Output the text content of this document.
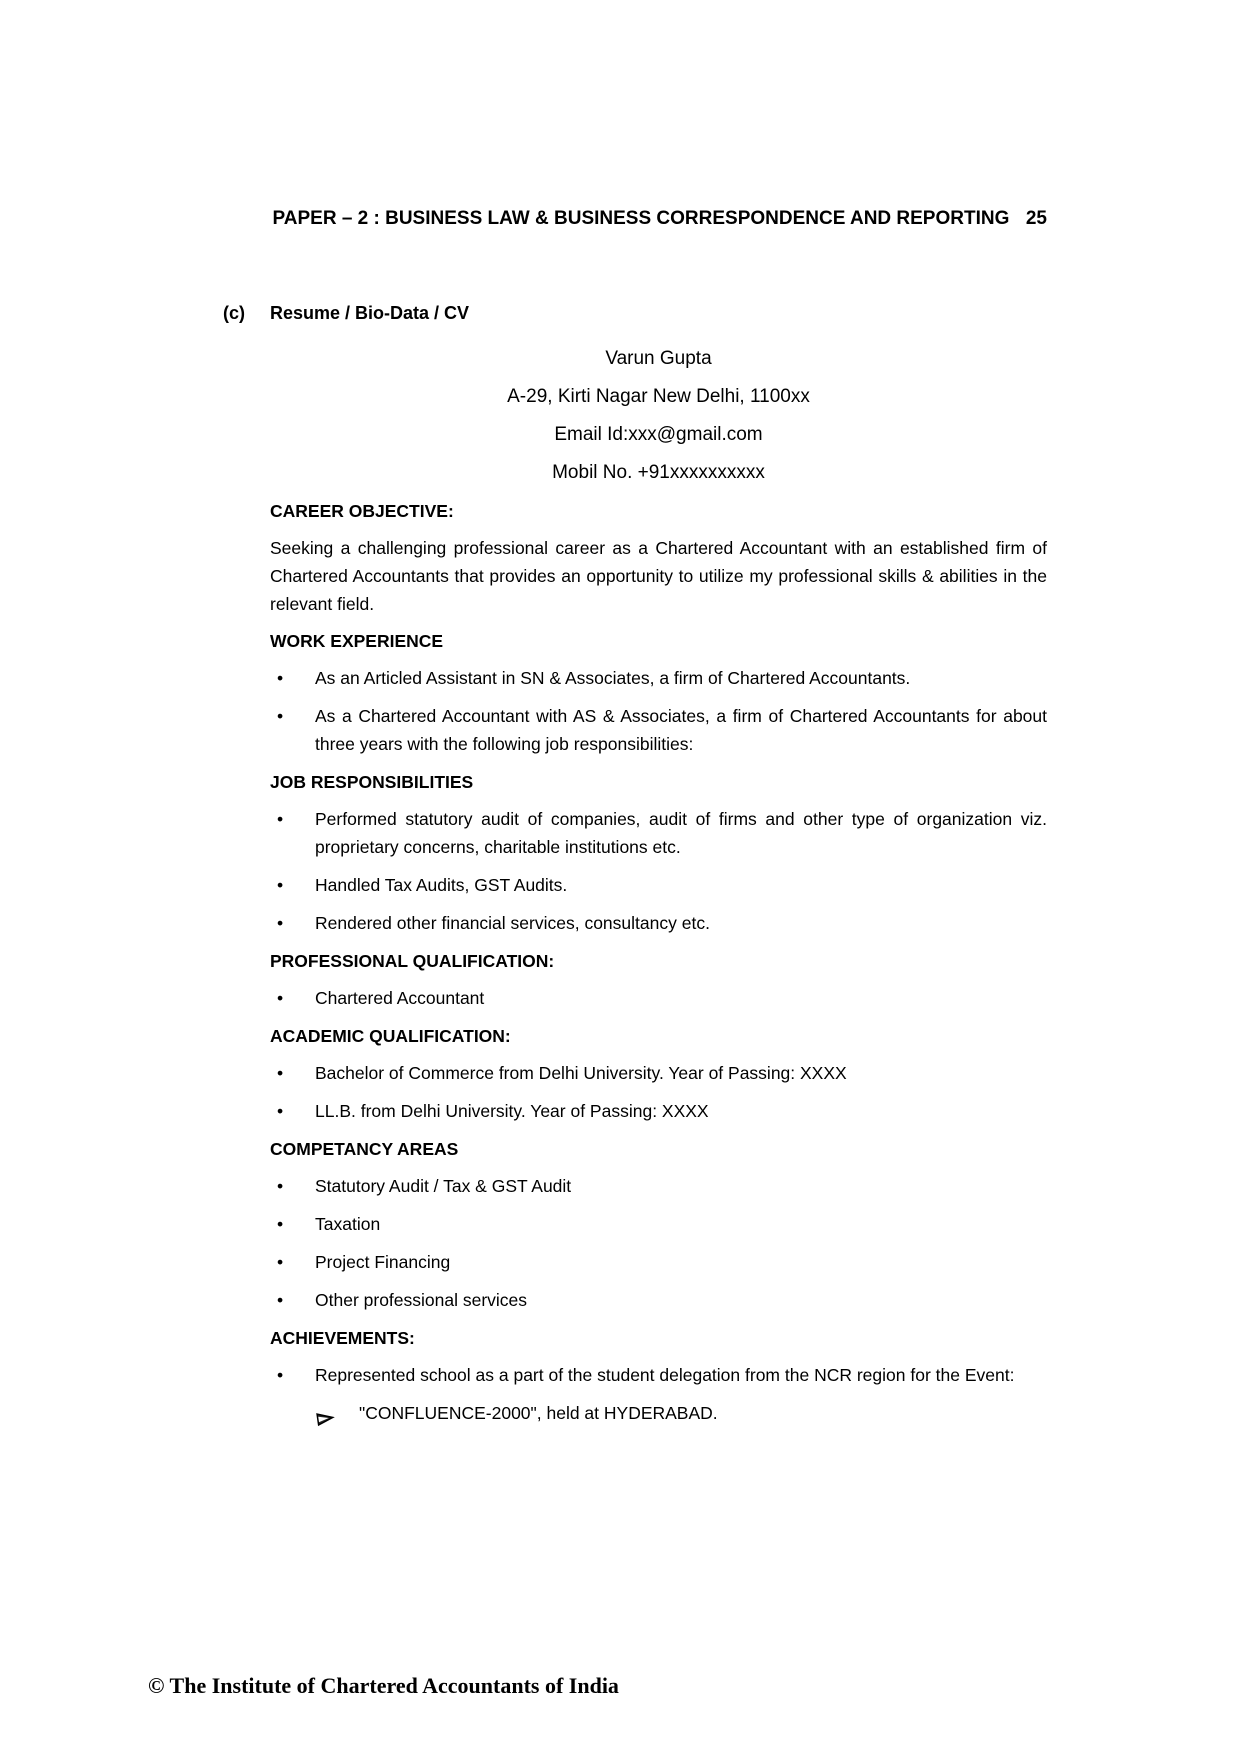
PAPER – 2 : BUSINESS LAW & BUSINESS CORRESPONDENCE AND REPORTING 25
(c) Resume / Bio-Data / CV
Varun Gupta
A-29, Kirti Nagar New Delhi, 1100xx
Email Id:xxx@gmail.com
Mobil No. +91xxxxxxxxxx
CAREER OBJECTIVE:

Seeking a challenging professional career as a Chartered Accountant with an established firm of Chartered Accountants that provides an opportunity to utilize my professional skills & abilities in the relevant field.

WORK EXPERIENCE
• As an Articled Assistant in SN & Associates, a firm of Chartered Accountants.
• As a Chartered Accountant with AS & Associates, a firm of Chartered Accountants for about three years with the following job responsibilities:
JOB RESPONSIBILITIES
• Performed statutory audit of companies, audit of firms and other type of organization viz. proprietary concerns, charitable institutions etc.
• Handled Tax Audits, GST Audits.
• Rendered other financial services, consultancy etc.
PROFESSIONAL QUALIFICATION:
• Chartered Accountant
ACADEMIC QUALIFICATION:
• Bachelor of Commerce from Delhi University. Year of Passing: XXXX
• LL.B. from Delhi University. Year of Passing: XXXX
COMPETANCY AREAS
• Statutory Audit / Tax & GST Audit
• Taxation
• Project Financing
• Other professional services
ACHIEVEMENTS:
• Represented school as a part of the student delegation from the NCR region for the Event:
"CONFLUENCE-2000", held at HYDERABAD.
© The Institute of Chartered Accountants of India
